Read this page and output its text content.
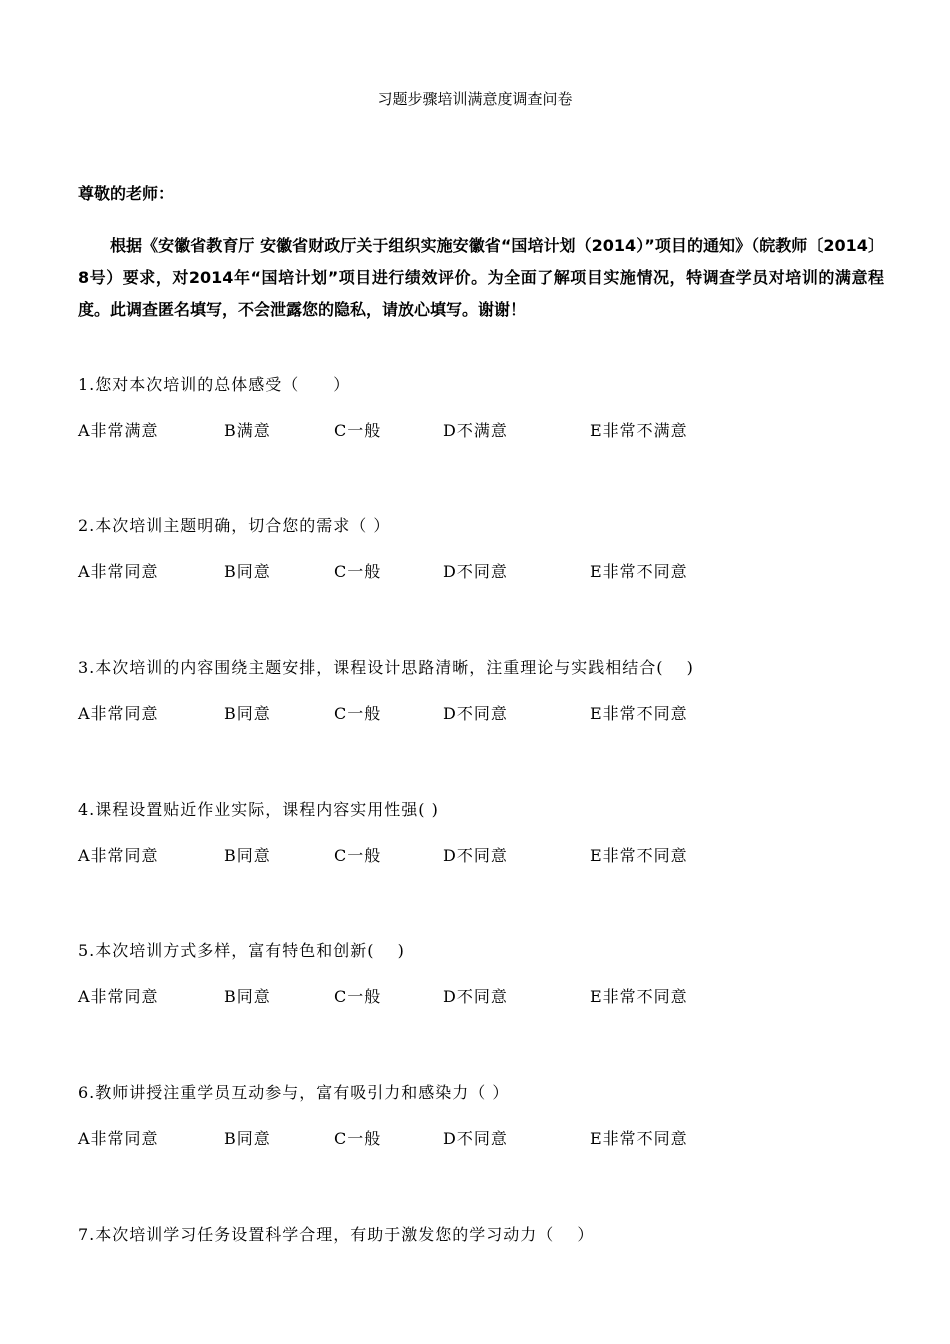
习题步骤培训满意度调查问卷
尊敬的老师：

根据《安徽省教育厅 安徽省财政厅关于组织实施安徽省“国培计划（2014）”项目的通知》（皖教师〔2014〕8号）要求，对2014年“国培计划”项目进行绩效评价。为全面了解项目实施情况，特调查学员对培训的满意程度。此调查匿名填写，不会泄露您的隐私，请放心填写。谢谢！

1.您对本次培训的总体感受（　　）
A非常满意	B满意	C一般	D不满意	E非常不满意
2.本次培训主题明确，切合您的需求（ ）
A非常同意	B同意	C一般	D不同意	E非常不同意
3.本次培训的内容围绕主题安排，课程设计思路清晰，注重理论与实践相结合(　 )
A非常同意	B同意	C一般	D不同意	E非常不同意
4.课程设置贴近作业实际，课程内容实用性强( )
A非常同意	B同意	C一般	D不同意	E非常不同意
5.本次培训方式多样，富有特色和创新(　 )
A非常同意	B同意	C一般	D不同意	E非常不同意
6.教师讲授注重学员互动参与，富有吸引力和感染力（ ）
A非常同意	B同意	C一般	D不同意	E非常不同意
7.本次培训学习任务设置科学合理，有助于激发您的学习动力（　 ）
